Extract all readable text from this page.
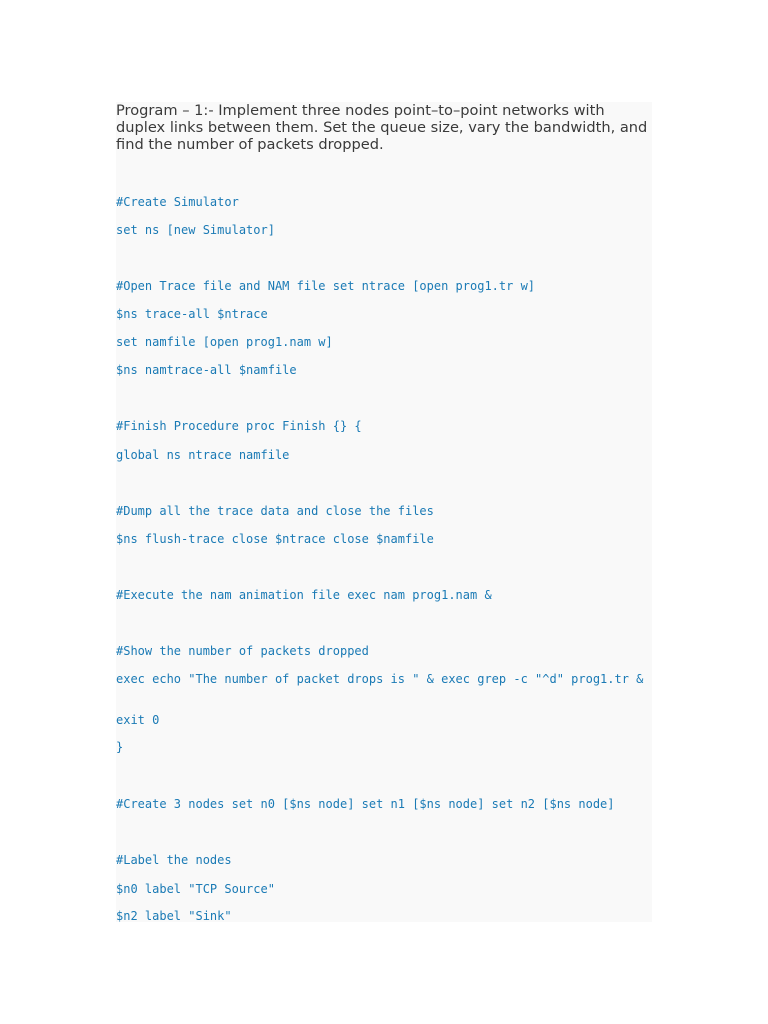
Program – 1:- Implement three nodes point–to–point networks with duplex links between them. Set the queue size, vary the bandwidth, and find the number of packets dropped.

#Create Simulator

set ns [new Simulator]

#Open Trace file and NAM file set ntrace [open prog1.tr w]

$ns trace-all $ntrace

set namfile [open prog1.nam w]

$ns namtrace-all $namfile

#Finish Procedure proc Finish {} {

global ns ntrace namfile

#Dump all the trace data and close the files

$ns flush-trace close $ntrace close $namfile

#Execute the nam animation file exec nam prog1.nam &

#Show the number of packets dropped

exec echo "The number of packet drops is " & exec grep -c "^d" prog1.tr &

exit 0

}

#Create 3 nodes set n0 [$ns node] set n1 [$ns node] set n2 [$ns node]

#Label the nodes

$n0 label "TCP Source"

$n2 label "Sink"
